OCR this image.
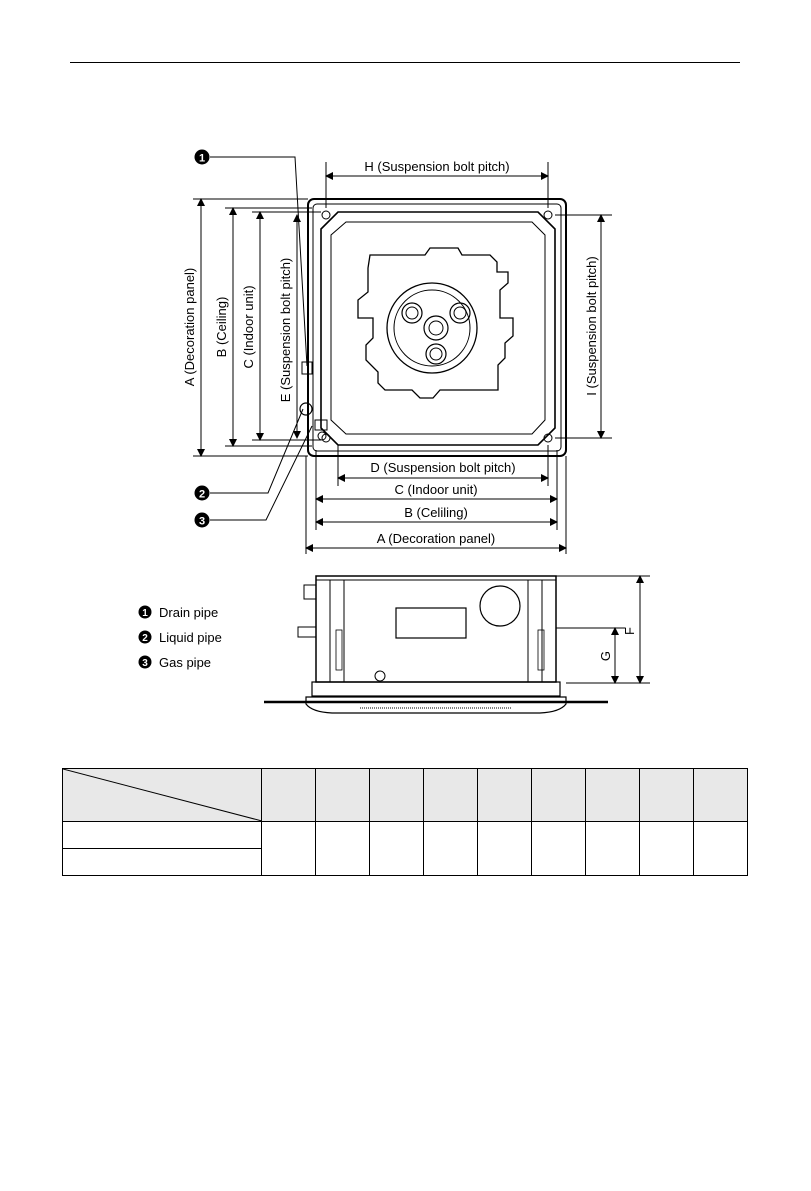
H (Suspension bolt pitch)
I (Suspension bolt pitch)
A (Decoration panel) B (Ceiling) C (Indoor unit) E (Suspension bolt pitch)
D (Suspension bolt pitch)
C (Indoor unit)
B (Celiling)
A (Decoration panel)
1
2
3
F
G
1 Drain pipe
2 Liquid pipe
3 Gas pipe
